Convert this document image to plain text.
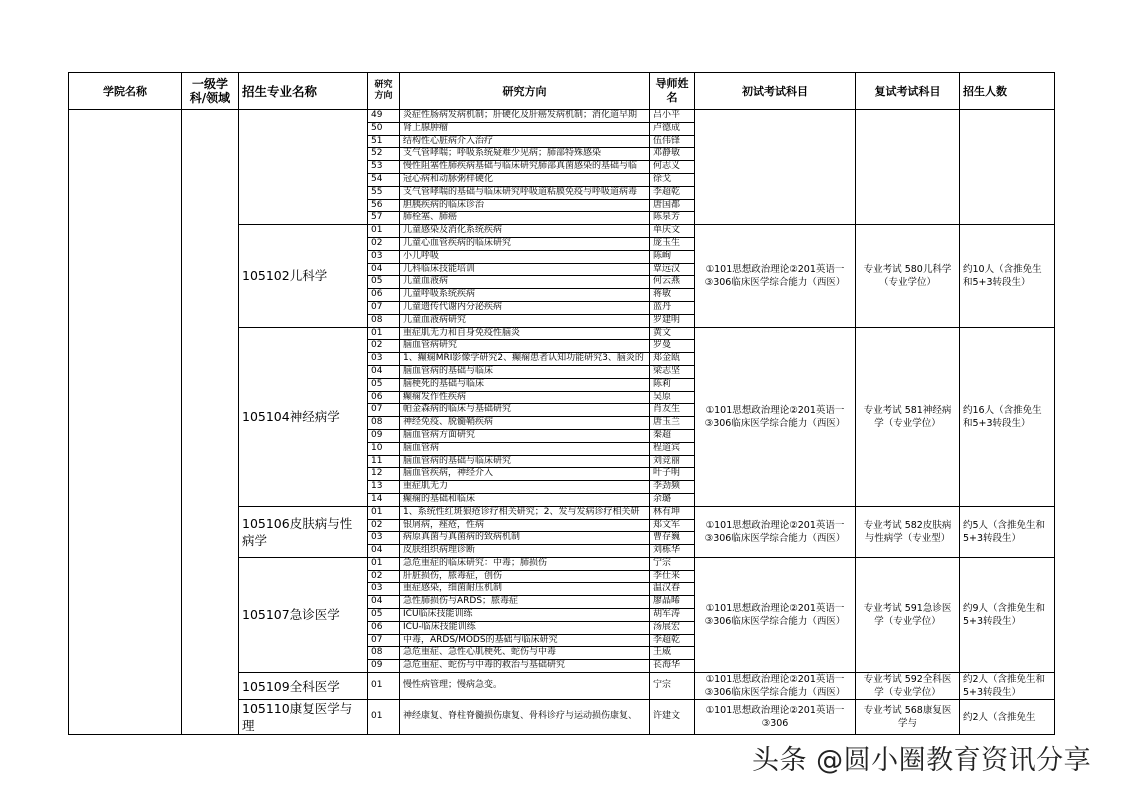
学院名称	一级学科/领域	招生专业名称	研究方向	研究方向	导师姓名	初试考试科目	复试考试科目	招生人数
			49	炎症性肠病发病机制；肝硬化及肝癌发病机制；消化道早期	吕小平			
			50	肾上腺肿瘤	卢德成			
			51	结构性心脏病介入治疗	伍伟锋			
			52	支气管哮喘；呼吸系统疑难少见病；肺部特殊感染	邓静敏			
			53	慢性阻塞性肺疾病基础与临床研究肺部真菌感染的基础与临	何志义			
			54	冠心病和动脉粥样硬化	徐戈			
			55	支气管哮喘的基础与临床研究呼吸道粘膜免疫与呼吸道病毒	李超乾			
			56	胆胰疾病的临床诊治	唐国都			
			57	肺栓塞、肺癌	陈泉芳			
		105102儿科学	01	儿童感染及消化系统疾病	单庆文	①101思想政治理论②201英语一③306临床医学综合能力（西医）	专业考试 580儿科学（专业学位）	约10人（含推免生和5+3转段生）
			02	儿童心血管疾病的临床研究	庞玉生			
			03	小儿呼吸	陈峋			
			04	儿科临床技能培训	覃远汉			
			05	儿童血液病	何云燕			
			06	儿童呼吸系统疾病	蒋敏			
			07	儿童遗传代谢内分泌疾病	蓝丹			
			08	儿童血液病研究	罗建明			
		105104神经病学	01	重症肌无力和自身免疫性脑炎	黄文	①101思想政治理论②201英语一③306临床医学综合能力（西医）	专业考试 581神经病学（专业学位）	约16人（含推免生和5+3转段生）
			02	脑血管病研究	罗曼			
			03	1、癫痫MRI影像学研究2、癫痫患者认知功能研究3、脑炎的	郑金瓯			
			04	脑血管病的基础与临床	梁志坚			
			05	脑梗死的基础与临床	陈莉			
			06	癫痫发作性疾病	吴原			
			07	帕金森病的临床与基础研究	肖友生			
			08	神经免疫、脱髓鞘疾病	唐玉兰			
			09	脑血管病方面研究	秦超			
			10	脑血管病	程道宾			
			11	脑血管病的基础与临床研究	刘竞丽			
			12	脑血管疾病，神经介入	叶子明			
			13	重症肌无力	李劲频			
			14	癫痫的基础和临床	余璐			
		105106皮肤病与性病学	01	1、系统性红斑狼疮诊疗相关研究；2、发与发病诊疗相关研	林有坤	①101思想政治理论②201英语一③306临床医学综合能力（西医）	专业考试 582皮肤病与性病学（专业型）	约5人（含推免生和5+3转段生）
			02	银屑病，痤疮，性病	郑文军			
			03	病原真菌与真菌病的致病机制	曹存巍			
			04	皮肤组织病理诊断	刘栋华			
		105107急诊医学	01	急危重症的临床研究：中毒；肺损伤	宁宗	①101思想政治理论②201英语一③306临床医学综合能力（西医）	专业考试 591急诊医学（专业学位）	约9人（含推免生和5+3转段生）
			02	肝脏损伤，脓毒症，创伤	李仕来			
			03	重症感染，细菌耐压机制	温汉春			
			04	急性肺损伤与ARDS；脓毒症	廖晶晞			
			05	ICU临床技能训练	胡军涛			
			06	ICU-临床技能训练	汤展宏			
			07	中毒，ARDS/MODS的基础与临床研究	李超乾			
			08	急危重症、急性心肌梗死、蛇伤与中毒	王威			
			09	急危重症、蛇伤与中毒的救治与基础研究	苌海华			
		105109全科医学	01	慢性病管理；慢病急变。	宁宗	①101思想政治理论②201英语一③306临床医学综合能力（西医）	专业考试 592全科医学（专业学位）	约2人（含推免生和5+3转段生）
		105110康复医学与理	01	神经康复、脊柱脊髓损伤康复、骨科诊疗与运动损伤康复、	许建文	①101思想政治理论②201英语一③306	专业考试 568康复医学与	约2人（含推免生
头条 @圆小圈教育资讯分享
